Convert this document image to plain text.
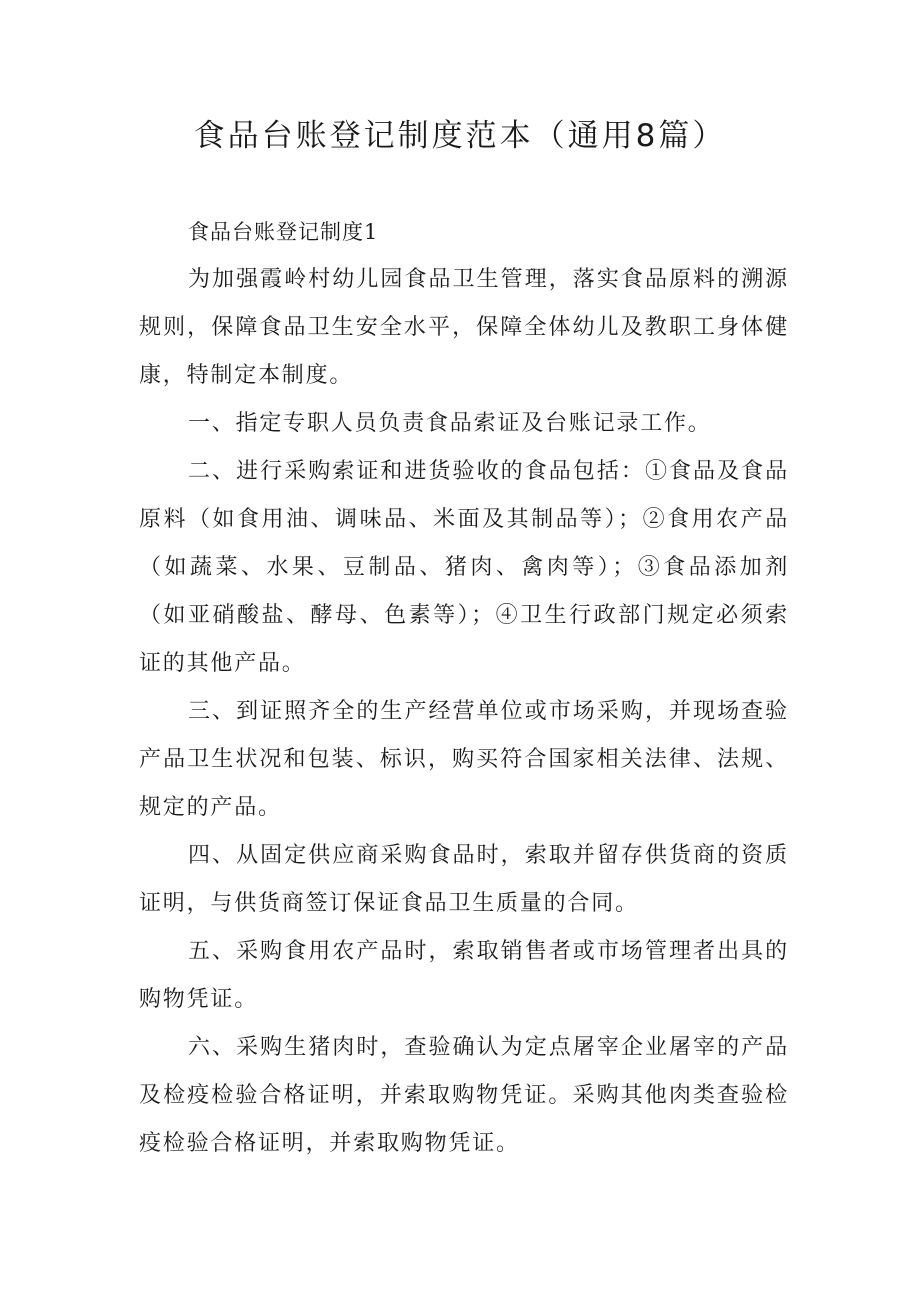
食品台账登记制度范本（通用8篇）
食品台账登记制度1

为加强霞岭村幼儿园食品卫生管理，落实食品原料的溯源规则，保障食品卫生安全水平，保障全体幼儿及教职工身体健康，特制定本制度。

一、指定专职人员负责食品索证及台账记录工作。

二、进行采购索证和进货验收的食品包括：①食品及食品原料（如食用油、调味品、米面及其制品等）；②食用农产品（如蔬菜、水果、豆制品、猪肉、禽肉等）；③食品添加剂（如亚硝酸盐、酵母、色素等）；④卫生行政部门规定必须索证的其他产品。

三、到证照齐全的生产经营单位或市场采购，并现场查验产品卫生状况和包装、标识，购买符合国家相关法律、法规、规定的产品。

四、从固定供应商采购食品时，索取并留存供货商的资质证明，与供货商签订保证食品卫生质量的合同。

五、采购食用农产品时，索取销售者或市场管理者出具的购物凭证。

六、采购生猪肉时，查验确认为定点屠宰企业屠宰的产品及检疫检验合格证明，并索取购物凭证。采购其他肉类查验检疫检验合格证明，并索取购物凭证。
